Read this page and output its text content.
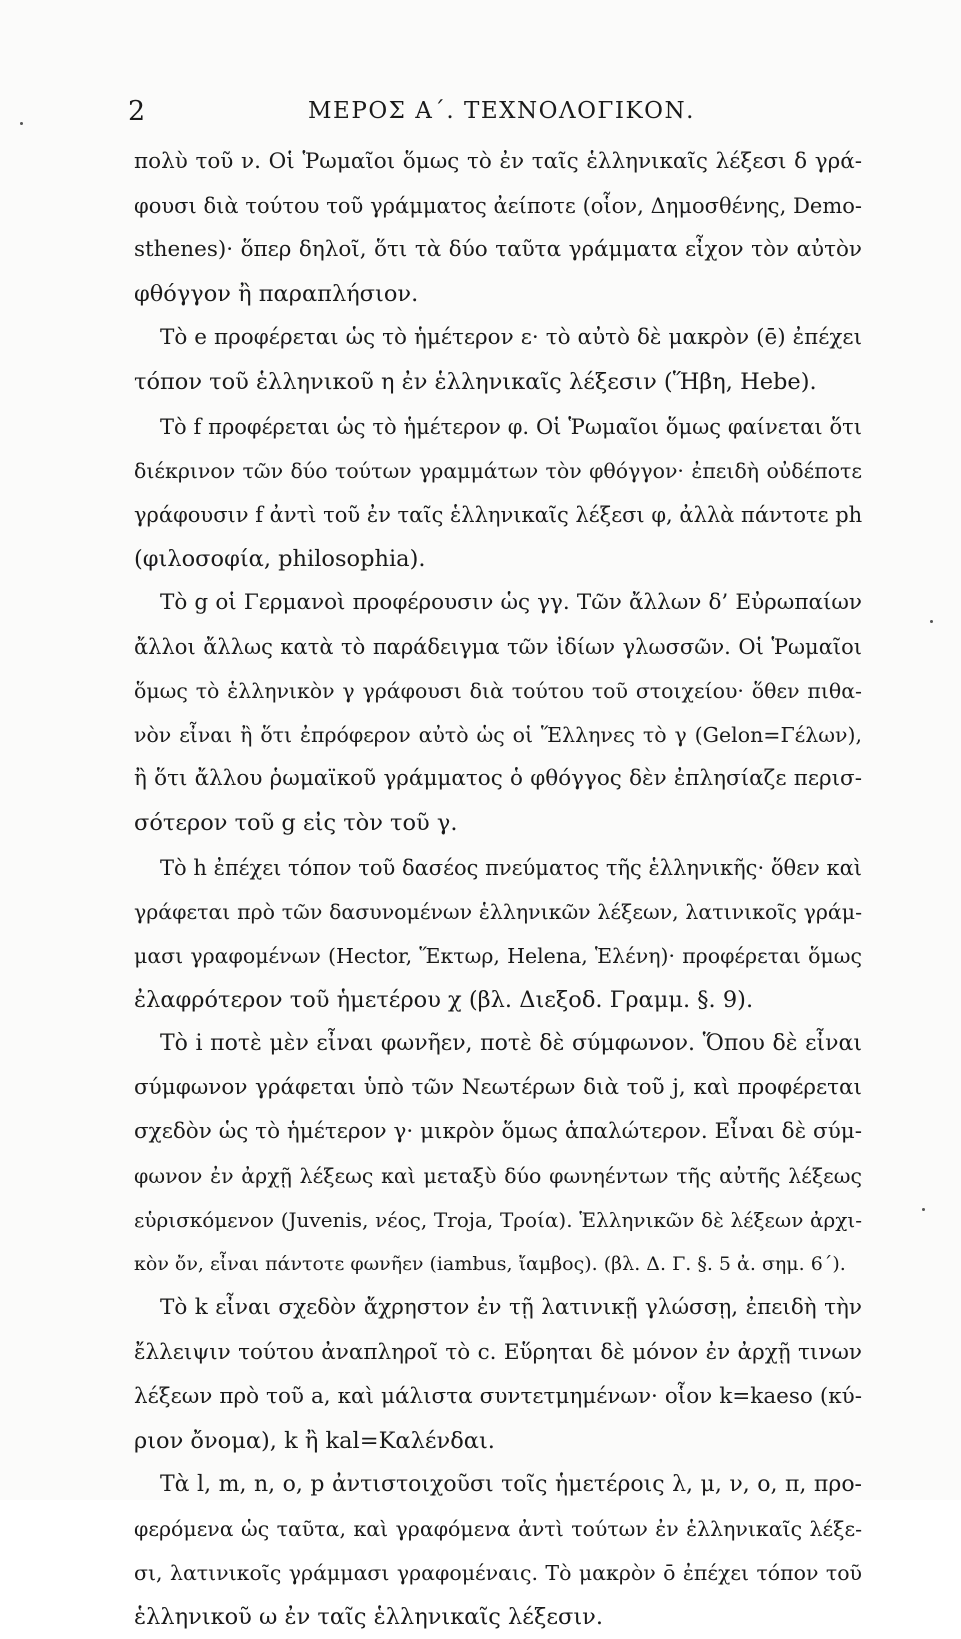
2	ΜΕΡΟΣ Α΄. ΤΕΧΝΟΛΟΓΙΚΟΝ.
πολὺ τοῦ ν. Οἱ Ῥωμαῖοι ὅμως τὸ ἐν ταῖς ἑλληνικαῖς λέξεσι δ γρά-
φουσι διὰ τούτου τοῦ γράμματος ἀείποτε (οἷον, Δημοσθένης, Demo-
sthenes)· ὅπερ δηλοῖ, ὅτι τὰ δύο ταῦτα γράμματα εἶχον τὸν αὐτὸν
φθόγγον ἢ παραπλήσιον.
Τὸ e προφέρεται ὡς τὸ ἡμέτερον ε· τὸ αὐτὸ δὲ μακρὸν (ē) ἐπέχει
τόπον τοῦ ἑλληνικοῦ η ἐν ἑλληνικαῖς λέξεσιν (Ἥβη, Hebe).
Τὸ f προφέρεται ὡς τὸ ἡμέτερον φ. Οἱ Ῥωμαῖοι ὅμως φαίνεται ὅτι
διέκρινον τῶν δύο τούτων γραμμάτων τὸν φθόγγον· ἐπειδὴ οὐδέποτε
γράφουσιν f ἀντὶ τοῦ ἐν ταῖς ἑλληνικαῖς λέξεσι φ, ἀλλὰ πάντοτε ph
(φιλοσοφία, philosophia).
Τὸ g οἱ Γερμανοὶ προφέρουσιν ὡς γγ. Τῶν ἄλλων δ’ Εὐρωπαίων
ἄλλοι ἄλλως κατὰ τὸ παράδειγμα τῶν ἰδίων γλωσσῶν. Οἱ Ῥωμαῖοι
ὅμως τὸ ἑλληνικὸν γ γράφουσι διὰ τούτου τοῦ στοιχείου· ὅθεν πιθα-
νὸν εἶναι ἢ ὅτι ἐπρόφερον αὐτὸ ὡς οἱ Ἕλληνες τὸ γ (Gelon=Γέλων),
ἢ ὅτι ἄλλου ῥωμαϊκοῦ γράμματος ὁ φθόγγος δὲν ἐπλησίαζε περισ-
σότερον τοῦ g εἰς τὸν τοῦ γ.
Τὸ h ἐπέχει τόπον τοῦ δασέος πνεύματος τῆς ἑλληνικῆς· ὅθεν καὶ
γράφεται πρὸ τῶν δασυνομένων ἑλληνικῶν λέξεων, λατινικοῖς γράμ-
μασι γραφομένων (Hector, Ἕκτωρ, Helena, Ἑλένη)· προφέρεται ὅμως
ἐλαφρότερον τοῦ ἡμετέρου χ (βλ. Διεξοδ. Γραμμ. §. 9).
Τὸ i ποτὲ μὲν εἶναι φωνῆεν, ποτὲ δὲ σύμφωνον. Ὅπου δὲ εἶναι
σύμφωνον γράφεται ὑπὸ τῶν Νεωτέρων διὰ τοῦ j, καὶ προφέρεται
σχεδὸν ὡς τὸ ἡμέτερον γ· μικρὸν ὅμως ἁπαλώτερον. Εἶναι δὲ σύμ-
φωνον ἐν ἀρχῇ λέξεως καὶ μεταξὺ δύο φωνηέντων τῆς αὐτῆς λέξεως
εὑρισκόμενον (Juvenis, νέος, Troja, Τροία). Ἑλληνικῶν δὲ λέξεων ἀρχι-
κὸν ὄν, εἶναι πάντοτε φωνῆεν (iambus, ἴαμβος). (βλ. Δ. Γ. §. 5 ἀ. σημ. 6΄).
Τὸ k εἶναι σχεδὸν ἄχρηστον ἐν τῇ λατινικῇ γλώσσῃ, ἐπειδὴ τὴν
ἔλλειψιν τούτου ἀναπληροῖ τὸ c. Εὕρηται δὲ μόνον ἐν ἀρχῇ τινων
λέξεων πρὸ τοῦ a, καὶ μάλιστα συντετμημένων· οἷον k=kaeso (κύ-
ριον ὄνομα), k ἢ kal=Καλένδαι.
Τὰ l, m, n, o, p ἀντιστοιχοῦσι τοῖς ἡμετέροις λ, μ, ν, ο, π, προ-
φερόμενα ὡς ταῦτα, καὶ γραφόμενα ἀντὶ τούτων ἐν ἑλληνικαῖς λέξε-
σι, λατινικοῖς γράμμασι γραφομέναις. Τὸ μακρὸν ō ἐπέχει τόπον τοῦ
ἑλληνικοῦ ω ἐν ταῖς ἑλληνικαῖς λέξεσιν.
